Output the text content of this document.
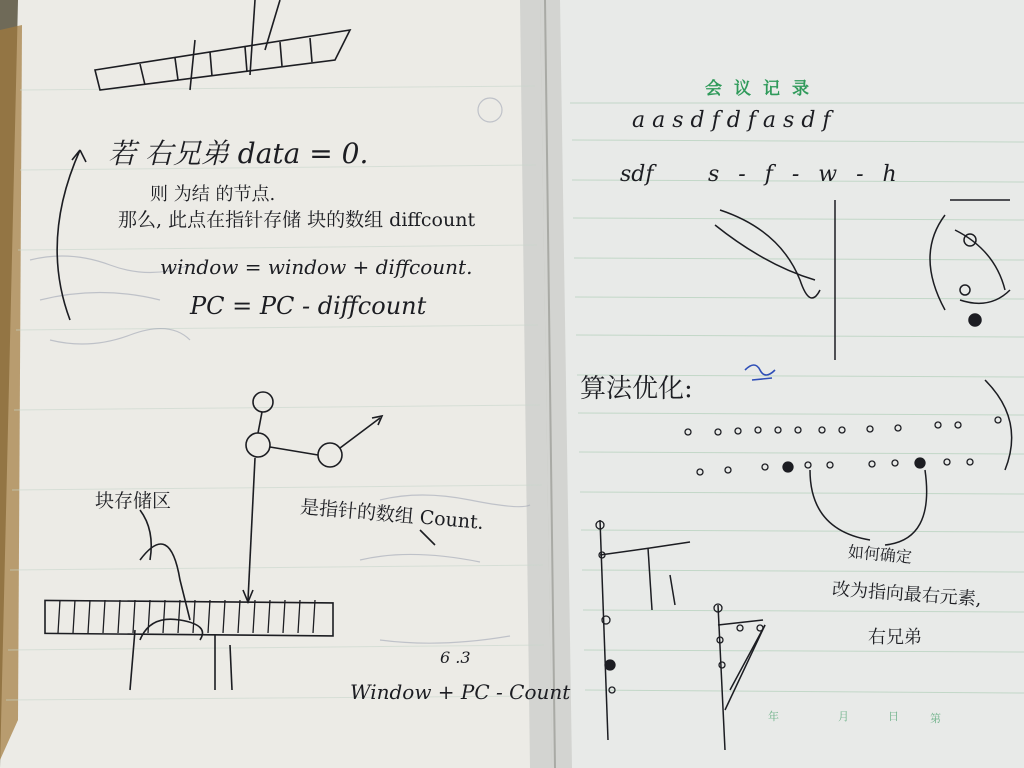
会议记录
年	月	日	第
a a s d f d f a s d f
sdf s - f - w - h
算法优化:
如何确定
改为指向最右元素,
右兄弟
若 右兄弟 data = 0.
则 为结 的节点.
那么, 此点在指针存储 块的数组 diffcount
window = window + diffcount.
PC = PC - diffcount
块存储区	是指针的数组 Count.
6 .3
Window + PC - Count
